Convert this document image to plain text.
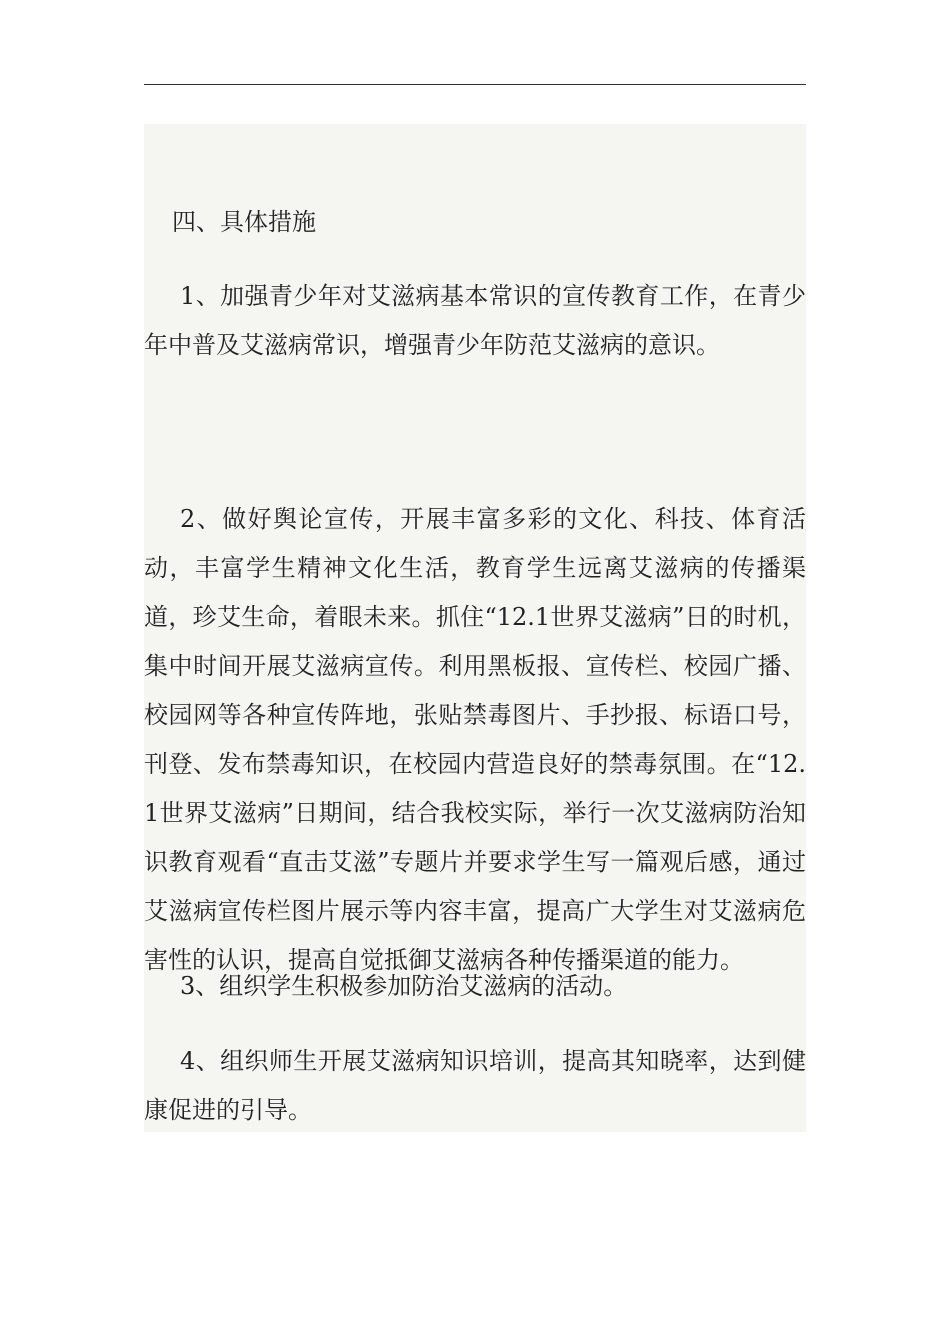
四、具体措施

1、加强青少年对艾滋病基本常识的宣传教育工作，在青少年中普及艾滋病常识，增强青少年防范艾滋病的意识。

2、做好舆论宣传，开展丰富多彩的文化、科技、体育活动，丰富学生精神文化生活，教育学生远离艾滋病的传播渠道，珍艾生命，着眼未来。抓住“12.1世界艾滋病”日的时机，集中时间开展艾滋病宣传。利用黑板报、宣传栏、校园广播、校园网等各种宣传阵地，张贴禁毒图片、手抄报、标语口号，刊登、发布禁毒知识，在校园内营造良好的禁毒氛围。在“12.1世界艾滋病”日期间，结合我校实际，举行一次艾滋病防治知识教育观看“直击艾滋”专题片并要求学生写一篇观后感，通过艾滋病宣传栏图片展示等内容丰富，提高广大学生对艾滋病危害性的认识，提高自觉抵御艾滋病各种传播渠道的能力。

3、组织学生积极参加防治艾滋病的活动。

4、组织师生开展艾滋病知识培训，提高其知晓率，达到健康促进的引导。
